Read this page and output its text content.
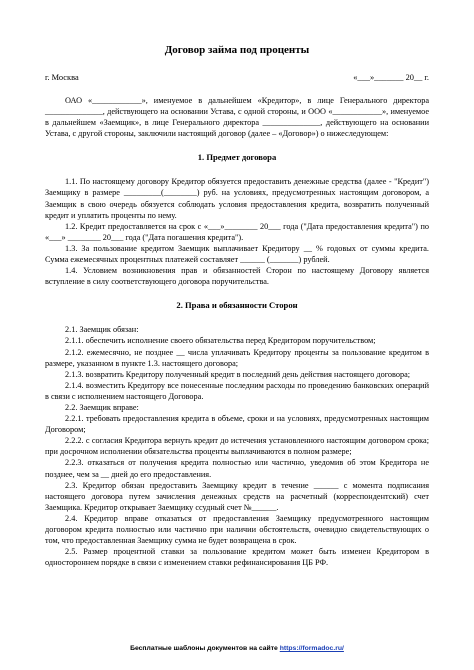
Договор займа под проценты
г. Москва	«___»_______ 20__ г.

ОАО «____________», именуемое в дальнейшем «Кредитор», в лице Генерального директора ______________, действующего на основании Устава, с одной стороны, и ООО «____________», именуемое в дальнейшем «Заемщик», в лице Генерального директора ______________, действующего на основании Устава, с другой стороны, заключили настоящий договор (далее – «Договор») о нижеследующем:

1. Предмет договора

1.1. По настоящему договору Кредитор обязуется предоставить денежные средства (далее - "Кредит") Заемщику в размере _________(________) руб. на условиях, предусмотренных настоящим договором, а Заемщик в свою очередь обязуется соблюдать условия предоставления кредита, возвратить полученный кредит и уплатить проценты по нему.

1.2. Кредит предоставляется на срок с «___»________ 20___ года ("Дата предоставления кредита") по «___» ________ 20___ года ("Дата погашения кредита").

1.3. За пользование кредитом Заемщик выплачивает Кредитору __ % годовых от суммы кредита. Сумма ежемесячных процентных платежей составляет ______ (_______) рублей.

1.4. Условием возникновения прав и обязанностей Сторон по настоящему Договору является вступление в силу соответствующего договора поручительства.

2. Права и обязанности Сторон

2.1. Заемщик обязан:

2.1.1. обеспечить исполнение своего обязательства перед Кредитором поручительством;

2.1.2. ежемесячно, не позднее __ числа уплачивать Кредитору проценты за пользование кредитом в размере, указанном в пункте 1.3. настоящего договора;

2.1.3. возвратить Кредитору полученный кредит в последний день действия настоящего договора;

2.1.4. возместить Кредитору все понесенные последним расходы по проведению банковских операций в связи с исполнением настоящего Договора.

2.2. Заемщик вправе:

2.2.1. требовать предоставления кредита в объеме, сроки и на условиях, предусмотренных настоящим Договором;

2.2.2. с согласия Кредитора вернуть кредит до истечения установленного настоящим договором срока; при досрочном исполнении обязательства проценты выплачиваются в полном размере;

2.2.3. отказаться от получения кредита полностью или частично, уведомив об этом Кредитора не позднее, чем за __ дней до его предоставления.

2.3. Кредитор обязан предоставить Заемщику кредит в течение ______ с момента подписания настоящего договора путем зачисления денежных средств на расчетный (корреспондентский) счет Заемщика. Кредитор открывает Заемщику ссудный счет №______.

2.4. Кредитор вправе отказаться от предоставления Заемщику предусмотренного настоящим договором кредита полностью или частично при наличии обстоятельств, очевидно свидетельствующих о том, что предоставленная Заемщику сумма не будет возвращена в срок.

2.5. Размер процентной ставки за пользование кредитом может быть изменен Кредитором в одностороннем порядке в связи с изменением ставки рефинансирования ЦБ РФ.

Бесплатные шаблоны документов на сайте https://formadoc.ru/
